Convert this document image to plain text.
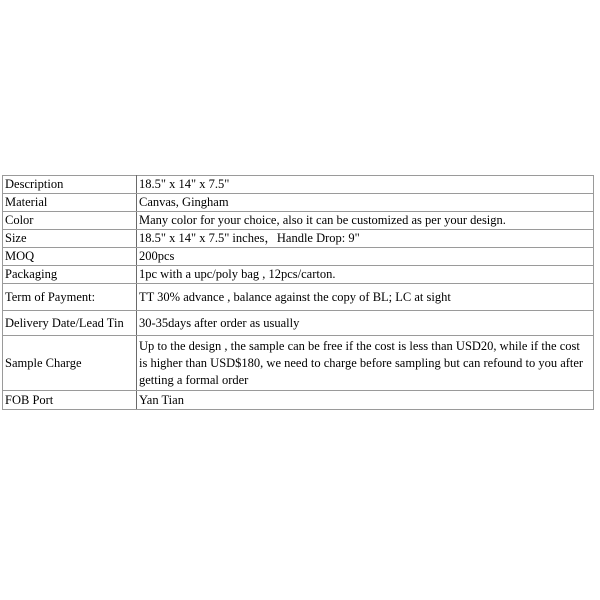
Description	18.5" x 14" x 7.5"
Material	Canvas, Gingham
Color	Many color for your choice, also it can be customized as per your design.
Size	18.5" x 14" x 7.5" inches，Handle Drop: 9"
MOQ	200pcs
Packaging	1pc with a upc/poly bag , 12pcs/carton.
Term of Payment:	TT 30% advance , balance against the copy of BL; LC at sight
Delivery Date/Lead Tin	30-35days after order as usually
Sample Charge	Up to the design , the sample can be free if the cost is less than USD20, while if the cost is higher than USD$180, we need to charge before sampling but can refound to you after getting a formal order
FOB Port	Yan Tian
